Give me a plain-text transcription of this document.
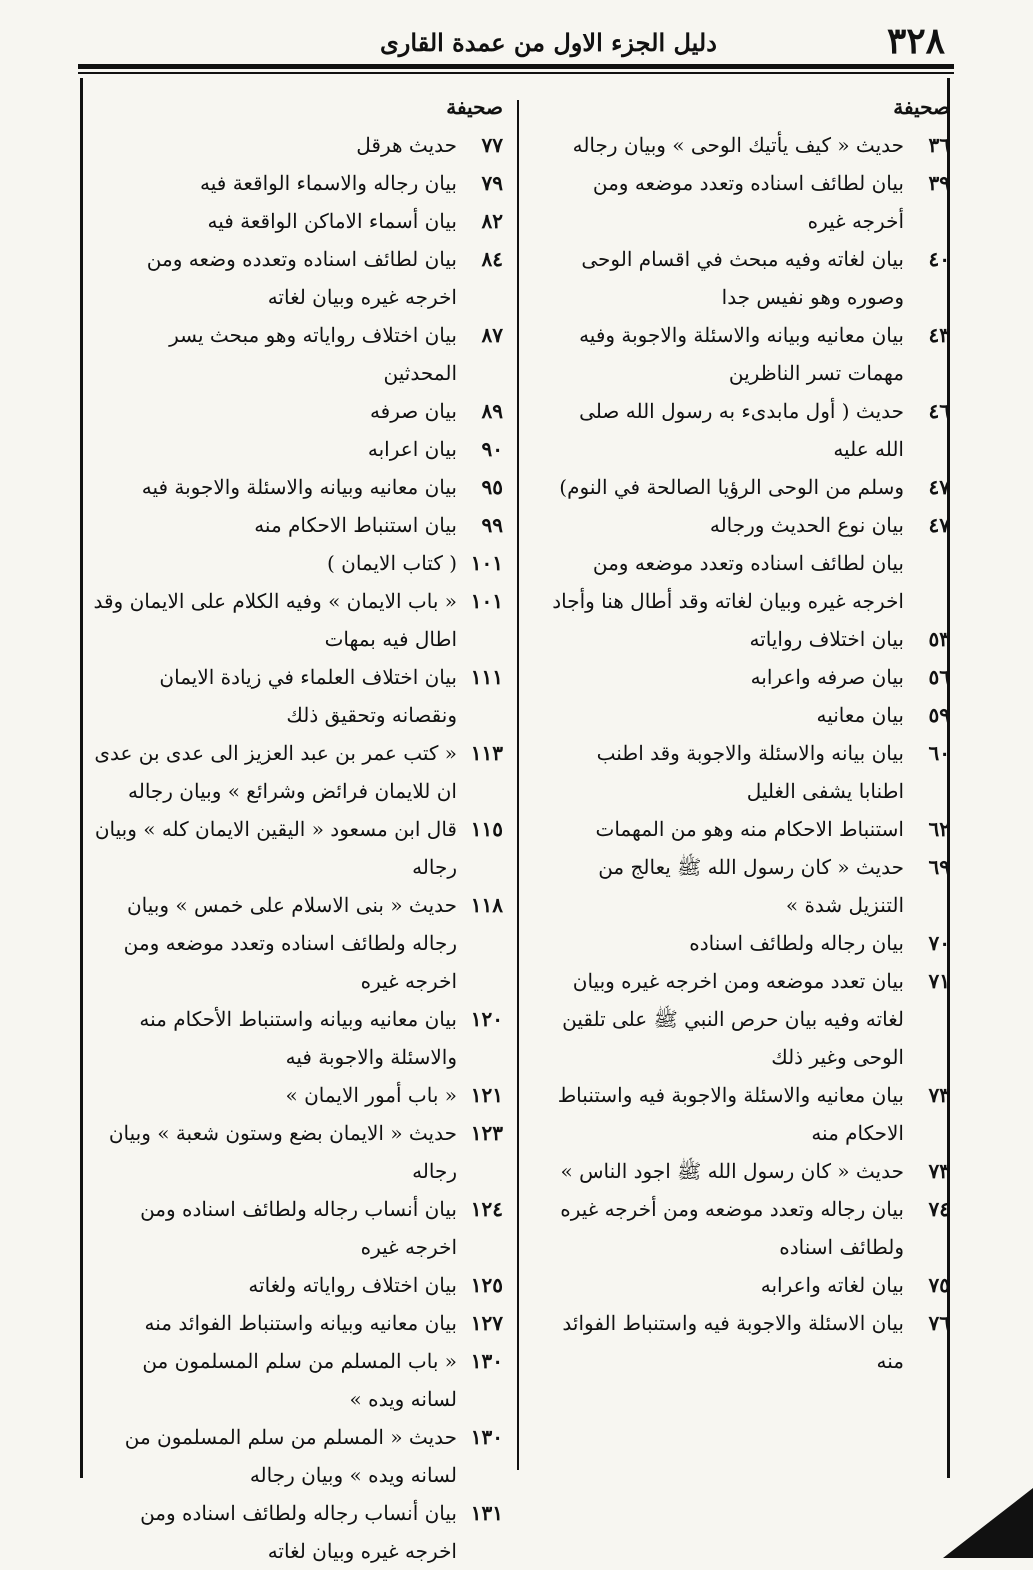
٣٢٨
دليل الجزء الاول من عمدة القارى
صحيفة
٣٦
حديث « كيف يأتيك الوحى » وبيان رجاله
٣٩
بيان لطائف اسناده وتعدد موضعه ومن أخرجه غيره
٤٠
بيان لغاته وفيه مبحث في اقسام الوحى وصوره وهو نفيس جدا
٤٣
بيان معانيه وبيانه والاسئلة والاجوبة وفيه مهمات تسر الناظرين
٤٦
حديث ( أول مابدىء به رسول الله صلى الله عليه
٤٧
وسلم من الوحى الرؤيا الصالحة في النوم)
٤٧
بيان نوع الحديث ورجاله
بيان لطائف اسناده وتعدد موضعه ومن اخرجه غيره وبيان لغاته وقد أطال هنا وأجاد
٥٣
بيان اختلاف رواياته
٥٦
بيان صرفه واعرابه
٥٩
بيان معانيه
٦٠
بيان بيانه والاسئلة والاجوبة وقد اطنب اطنابا يشفى الغليل
٦٢
استنباط الاحكام منه وهو من المهمات
٦٩
حديث « كان رسول الله ﷺ يعالج من التنزيل شدة »
٧٠
بيان رجاله ولطائف اسناده
٧١
بيان تعدد موضعه ومن اخرجه غيره وبيان لغاته وفيه بيان حرص النبي ﷺ على تلقين الوحى وغير ذلك
٧٣
بيان معانيه والاسئلة والاجوبة فيه واستنباط الاحكام منه
٧٣
حديث « كان رسول الله ﷺ اجود الناس »
٧٤
بيان رجاله وتعدد موضعه ومن أخرجه غيره ولطائف اسناده
٧٥
بيان لغاته واعرابه
٧٦
بيان الاسئلة والاجوبة فيه واستنباط الفوائد منه
صحيفة
٧٧
حديث هرقل
٧٩
بيان رجاله والاسماء الواقعة فيه
٨٢
بيان أسماء الاماكن الواقعة فيه
٨٤
بيان لطائف اسناده وتعدده وضعه ومن اخرجه غيره وبيان لغاته
٨٧
بيان اختلاف رواياته وهو مبحث يسر المحدثين
٨٩
بيان صرفه
٩٠
بيان اعرابه
٩٥
بيان معانيه وبيانه والاسئلة والاجوبة فيه
٩٩
بيان استنباط الاحكام منه
١٠١
( كتاب الايمان )
١٠١
« باب الايمان » وفيه الكلام على الايمان وقد اطال فيه بمهات
١١١
بيان اختلاف العلماء في زيادة الايمان ونقصانه وتحقيق ذلك
١١٣
« كتب عمر بن عبد العزيز الى عدى بن عدى ان للايمان فرائض وشرائع » وبيان رجاله
١١٥
قال ابن مسعود « اليقين الايمان كله » وبيان رجاله
١١٨
حديث « بنى الاسلام على خمس » وبيان رجاله ولطائف اسناده وتعدد موضعه ومن اخرجه غيره
١٢٠
بيان معانيه وبيانه واستنباط الأحكام منه والاسئلة والاجوبة فيه
١٢١
« باب أمور الايمان »
١٢٣
حديث « الايمان بضع وستون شعبة » وبيان رجاله
١٢٤
بيان أنساب رجاله ولطائف اسناده ومن اخرجه غيره
١٢٥
بيان اختلاف رواياته ولغاته
١٢٧
بيان معانيه وبيانه واستنباط الفوائد منه
١٣٠
« باب المسلم من سلم المسلمون من لسانه ويده »
١٣٠
حديث « المسلم من سلم المسلمون من لسانه ويده » وبيان رجاله
١٣١
بيان أنساب رجاله ولطائف اسناده ومن اخرجه غيره وبيان لغاته
